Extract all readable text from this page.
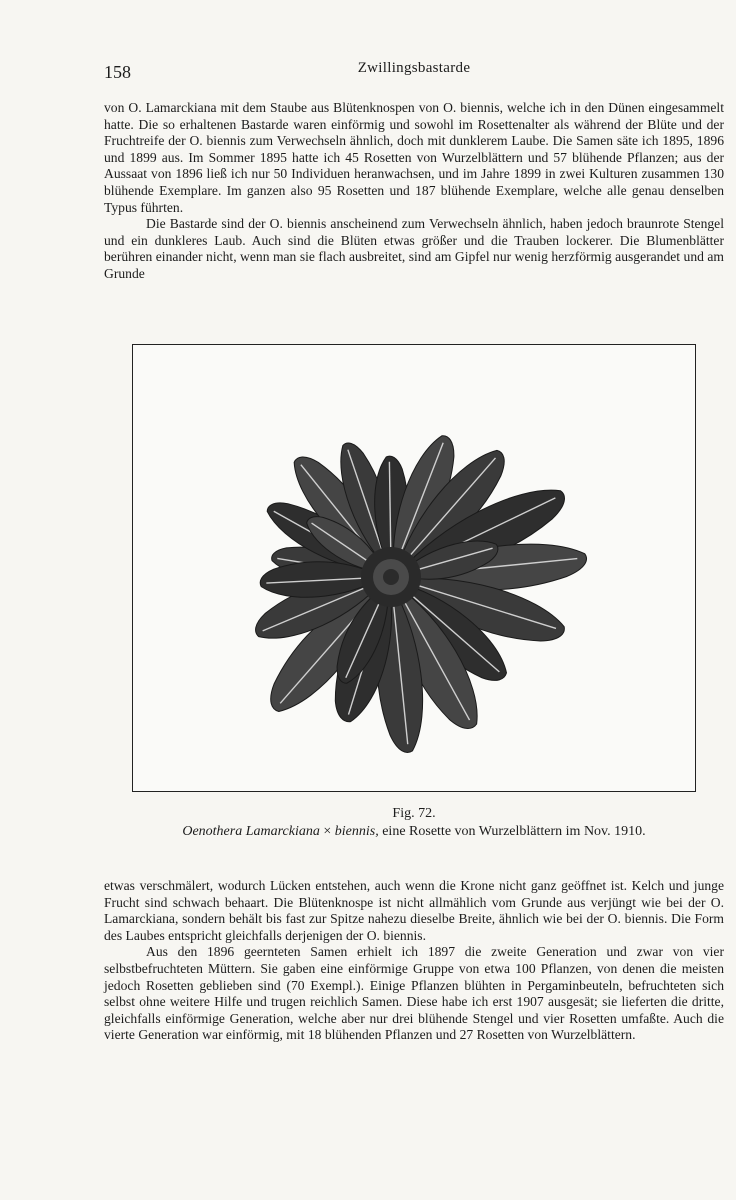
158	Zwillingsbastarde

von O. Lamarckiana mit dem Staube aus Blütenknospen von O. biennis, welche ich in den Dünen eingesammelt hatte. Die so erhaltenen Bastarde waren einförmig und sowohl im Rosettenalter als während der Blüte und der Fruchtreife der O. biennis zum Verwechseln ähnlich, doch mit dunklerem Laube. Die Samen säte ich 1895, 1896 und 1899 aus. Im Sommer 1895 hatte ich 45 Rosetten von Wurzelblättern und 57 blühende Pflanzen; aus der Aussaat von 1896 ließ ich nur 50 Individuen heranwachsen, und im Jahre 1899 in zwei Kulturen zusammen 130 blühende Exemplare. Im ganzen also 95 Rosetten und 187 blühende Exemplare, welche alle genau denselben Typus führten.

Die Bastarde sind der O. biennis anscheinend zum Verwechseln ähnlich, haben jedoch braunrote Stengel und ein dunkleres Laub. Auch sind die Blüten etwas größer und die Trauben lockerer. Die Blumenblätter berühren einander nicht, wenn man sie flach ausbreitet, sind am Gipfel nur wenig herzförmig ausgerandet und am Grunde

Fig. 72.
Oenothera Lamarckiana × biennis, eine Rosette von Wurzelblättern im Nov. 1910.

etwas verschmälert, wodurch Lücken entstehen, auch wenn die Krone nicht ganz geöffnet ist. Kelch und junge Frucht sind schwach behaart. Die Blütenknospe ist nicht allmählich vom Grunde aus verjüngt wie bei der O. Lamarckiana, sondern behält bis fast zur Spitze nahezu dieselbe Breite, ähnlich wie bei der O. biennis. Die Form des Laubes entspricht gleichfalls derjenigen der O. biennis.

Aus den 1896 geernteten Samen erhielt ich 1897 die zweite Generation und zwar von vier selbstbefruchteten Müttern. Sie gaben eine einförmige Gruppe von etwa 100 Pflanzen, von denen die meisten jedoch Rosetten geblieben sind (70 Exempl.). Einige Pflanzen blühten in Pergaminbeuteln, befruchteten sich selbst ohne weitere Hilfe und trugen reichlich Samen. Diese habe ich erst 1907 ausgesät; sie lieferten die dritte, gleichfalls einförmige Generation, welche aber nur drei blühende Stengel und vier Rosetten umfaßte. Auch die vierte Generation war einförmig, mit 18 blühenden Pflanzen und 27 Rosetten von Wurzelblättern.
